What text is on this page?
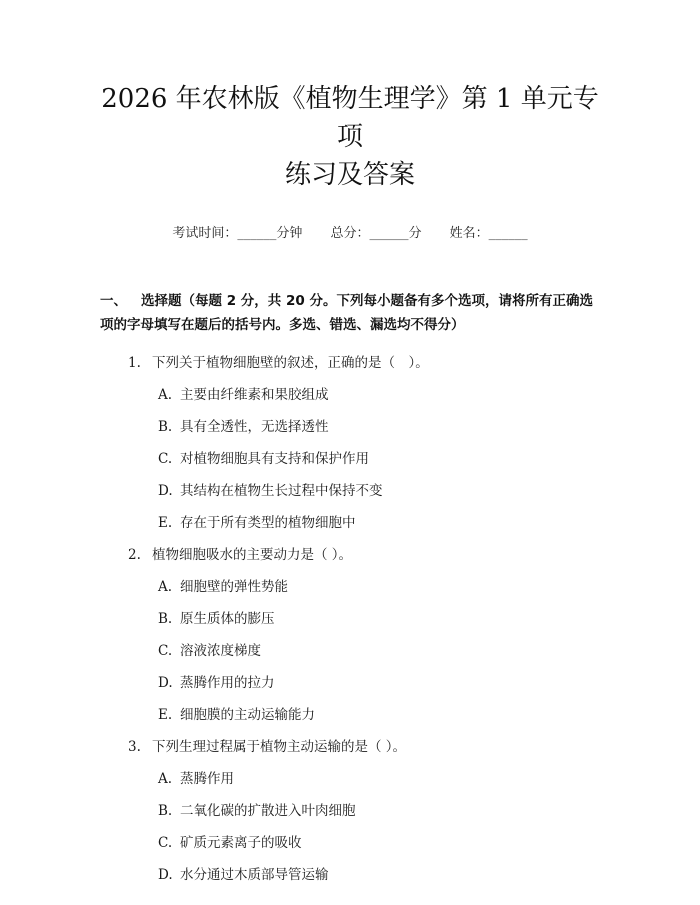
2026 年农林版《植物生理学》第 1 单元专项
练习及答案
考试时间：______分钟 总分：______分 姓名：______
一、 选择题（每题 2 分，共 20 分。下列每小题备有多个选项，请将所有正确选项的字母填写在题后的括号内。多选、错选、漏选均不得分）
1. 下列关于植物细胞壁的叙述，正确的是（　）。
A. 主要由纤维素和果胶组成
B. 具有全透性，无选择透性
C. 对植物细胞具有支持和保护作用
D. 其结构在植物生长过程中保持不变
E. 存在于所有类型的植物细胞中
2. 植物细胞吸水的主要动力是（ ）。
A. 细胞壁的弹性势能
B. 原生质体的膨压
C. 溶液浓度梯度
D. 蒸腾作用的拉力
E. 细胞膜的主动运输能力
3. 下列生理过程属于植物主动运输的是（ ）。
A. 蒸腾作用
B. 二氧化碳的扩散进入叶肉细胞
C. 矿质元素离子的吸收
D. 水分通过木质部导管运输
